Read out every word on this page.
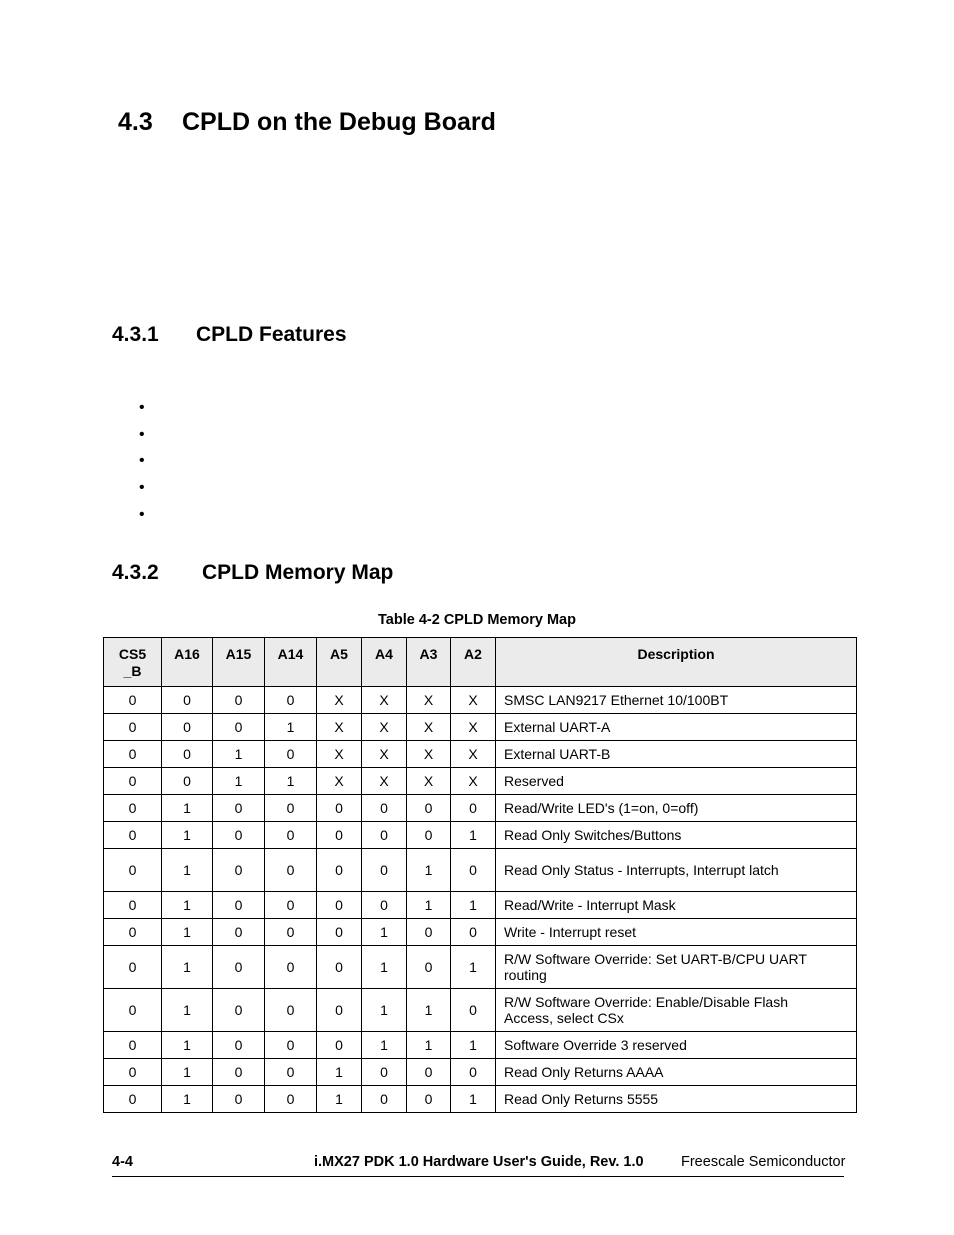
4.3 CPLD on the Debug Board
4.3.1 CPLD Features
•
•
•
•
•
4.3.2 CPLD Memory Map
Table 4-2 CPLD Memory Map
CS5
_B	A16	A15	A14	A5	A4	A3	A2	Description
0	0	0	0	X	X	X	X	SMSC LAN9217 Ethernet 10/100BT
0	0	0	1	X	X	X	X	External UART-A
0	0	1	0	X	X	X	X	External UART-B
0	0	1	1	X	X	X	X	Reserved
0	1	0	0	0	0	0	0	Read/Write LED's (1=on, 0=off)
0	1	0	0	0	0	0	1	Read Only Switches/Buttons
0	1	0	0	0	0	1	0	Read Only Status - Interrupts, Interrupt latch
0	1	0	0	0	0	1	1	Read/Write - Interrupt Mask
0	1	0	0	0	1	0	0	Write - Interrupt reset
0	1	0	0	0	1	0	1	R/W Software Override: Set UART-B/CPU UART routing
0	1	0	0	0	1	1	0	R/W Software Override: Enable/Disable Flash Access, select CSx
0	1	0	0	0	1	1	1	Software Override 3 reserved
0	1	0	0	1	0	0	0	Read Only Returns AAAA
0	1	0	0	1	0	0	1	Read Only Returns 5555
4-4	i.MX27 PDK 1.0 Hardware User's Guide, Rev. 1.0	Freescale Semiconductor
